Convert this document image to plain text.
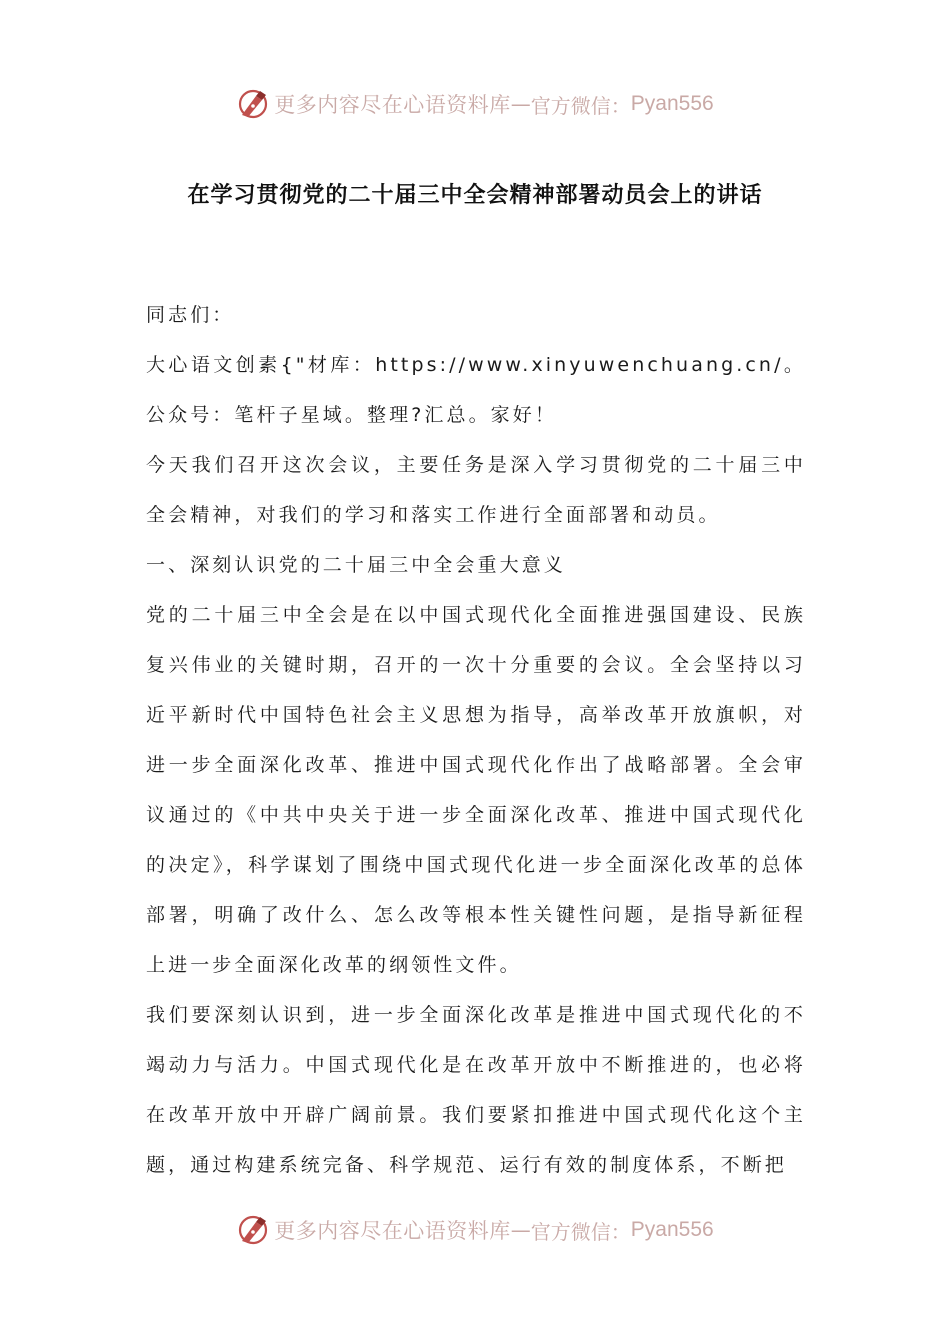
更多内容尽在心语资料库 — 官方微信： Pyan556
在学习贯彻党的二十届三中全会精神部署动员会上的讲话

同志们：

大心语文创素{"材库：https://www.xinyuwenchuang.cn/。公众号：笔杆子星域。整理?汇总。家好！

今天我们召开这次会议，主要任务是深入学习贯彻党的二十届三中全会精神，对我们的学习和落实工作进行全面部署和动员。

一、深刻认识党的二十届三中全会重大意义

党的二十届三中全会是在以中国式现代化全面推进强国建设、民族复兴伟业的关键时期，召开的一次十分重要的会议。全会坚持以习近平新时代中国特色社会主义思想为指导，高举改革开放旗帜，对进一步全面深化改革、推进中国式现代化作出了战略部署。全会审议通过的《中共中央关于进一步全面深化改革、推进中国式现代化的决定》，科学谋划了围绕中国式现代化进一步全面深化改革的总体部署，明确了改什么、怎么改等根本性关键性问题，是指导新征程上进一步全面深化改革的纲领性文件。

我们要深刻认识到，进一步全面深化改革是推进中国式现代化的不竭动力与活力。中国式现代化是在改革开放中不断推进的，也必将在改革开放中开辟广阔前景。我们要紧扣推进中国式现代化这个主题，通过构建系统完备、科学规范、运行有效的制度体系，不断把

更多内容尽在心语资料库 — 官方微信： Pyan556
